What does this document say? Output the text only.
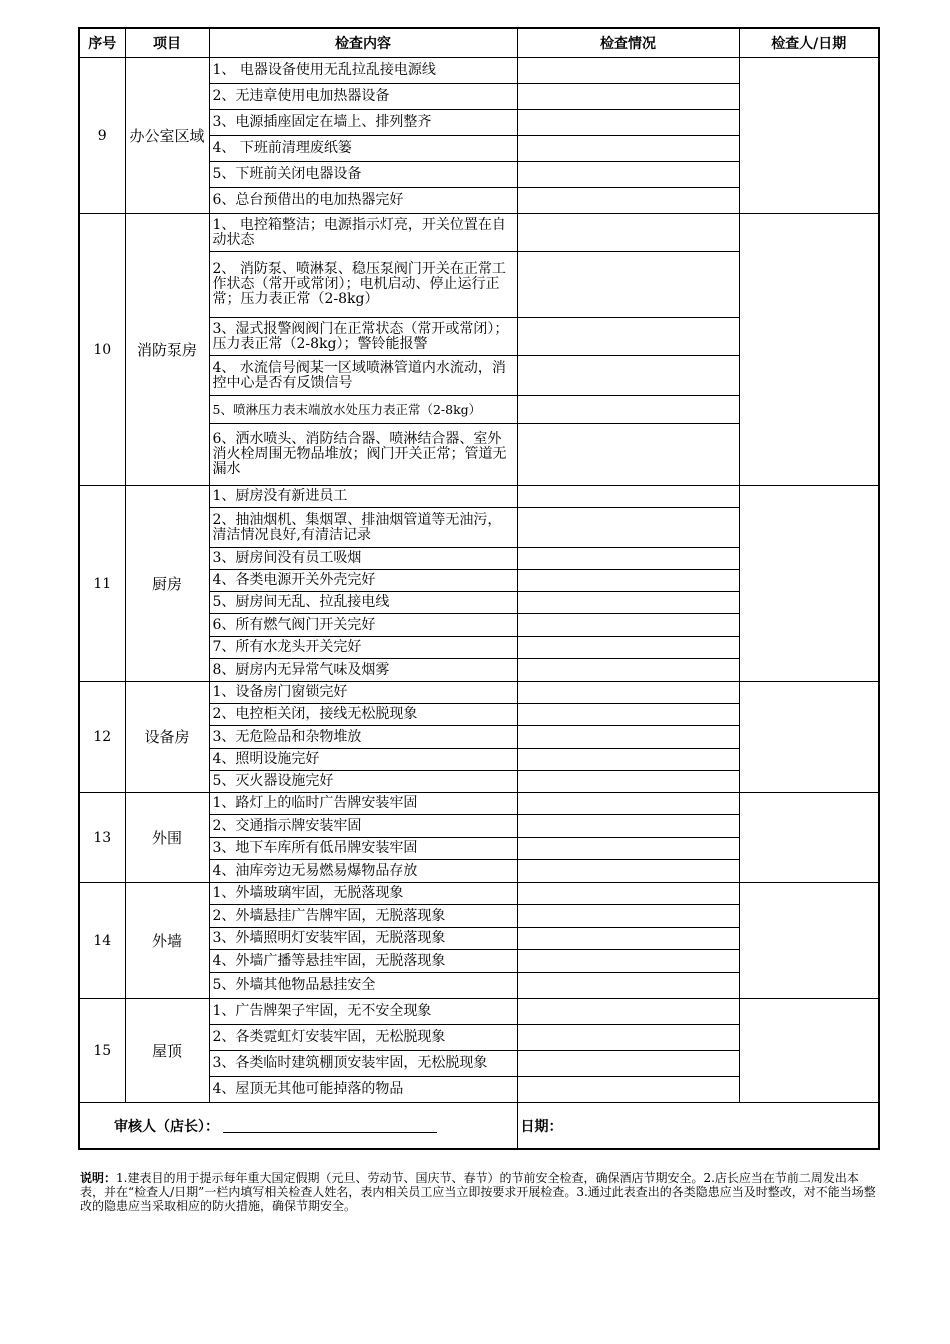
序号	项目	检查内容	检查情况	检查人/日期
9	办公室区域	1、 电器设备使用无乱拉乱接电源线		
		2、无违章使用电加热器设备		
		3、电源插座固定在墙上、排列整齐		
		4、 下班前清理废纸篓		
		5、下班前关闭电器设备		
		6、总台预借出的电加热器完好		
10	消防泵房	1、 电控箱整洁；电源指示灯亮，开关位置在自动状态		
		2、 消防泵、喷淋泵、稳压泵阀门开关在正常工作状态（常开或常闭）；电机启动、停止运行正常；压力表正常（2-8kg）		
		3、湿式报警阀阀门在正常状态（常开或常闭）；压力表正常（2-8kg）；警铃能报警		
		4、 水流信号阀某一区域喷淋管道内水流动，消控中心是否有反馈信号		
		5、喷淋压力表末端放水处压力表正常（2-8kg）		
		6、洒水喷头、消防结合器、喷淋结合器、室外消火栓周围无物品堆放；阀门开关正常；管道无漏水		
11	厨房	1、厨房没有新进员工		
		2、抽油烟机、集烟罩、排油烟管道等无油污，清洁情况良好,有清洁记录		
		3、厨房间没有员工吸烟		
		4、各类电源开关外壳完好		
		5、厨房间无乱、拉乱接电线		
		6、所有燃气阀门开关完好		
		7、所有水龙头开关完好		
		8、厨房内无异常气味及烟雾		
12	设备房	1、设备房门窗锁完好		
		2、电控柜关闭，接线无松脱现象		
		3、无危险品和杂物堆放		
		4、照明设施完好		
		5、灭火器设施完好		
13	外围	1、路灯上的临时广告牌安装牢固		
		2、交通指示牌安装牢固		
		3、地下车库所有低吊牌安装牢固		
		4、油库旁边无易燃易爆物品存放		
14	外墙	1、外墙玻璃牢固，无脱落现象		
		2、外墙悬挂广告牌牢固，无脱落现象		
		3、外墙照明灯安装牢固，无脱落现象		
		4、外墙广播等悬挂牢固，无脱落现象		
		5、外墙其他物品悬挂安全		
15	屋顶	1、广告牌架子牢固，无不安全现象		
		2、各类霓虹灯安装牢固，无松脱现象		
		3、各类临时建筑棚顶安装牢固，无松脱现象		
		4、屋顶无其他可能掉落的物品		
审核人（店长）：			日期：	
说明：1.建表目的用于提示每年重大国定假期（元旦、劳动节、国庆节、春节）的节前安全检查，确保酒店节期安全。2.店长应当在节前二周发出本表，并在“检查人/日期”一栏内填写相关检查人姓名，表内相关员工应当立即按要求开展检查。3.通过此表查出的各类隐患应当及时整改，对不能当场整改的隐患应当采取相应的防火措施，确保节期安全。
